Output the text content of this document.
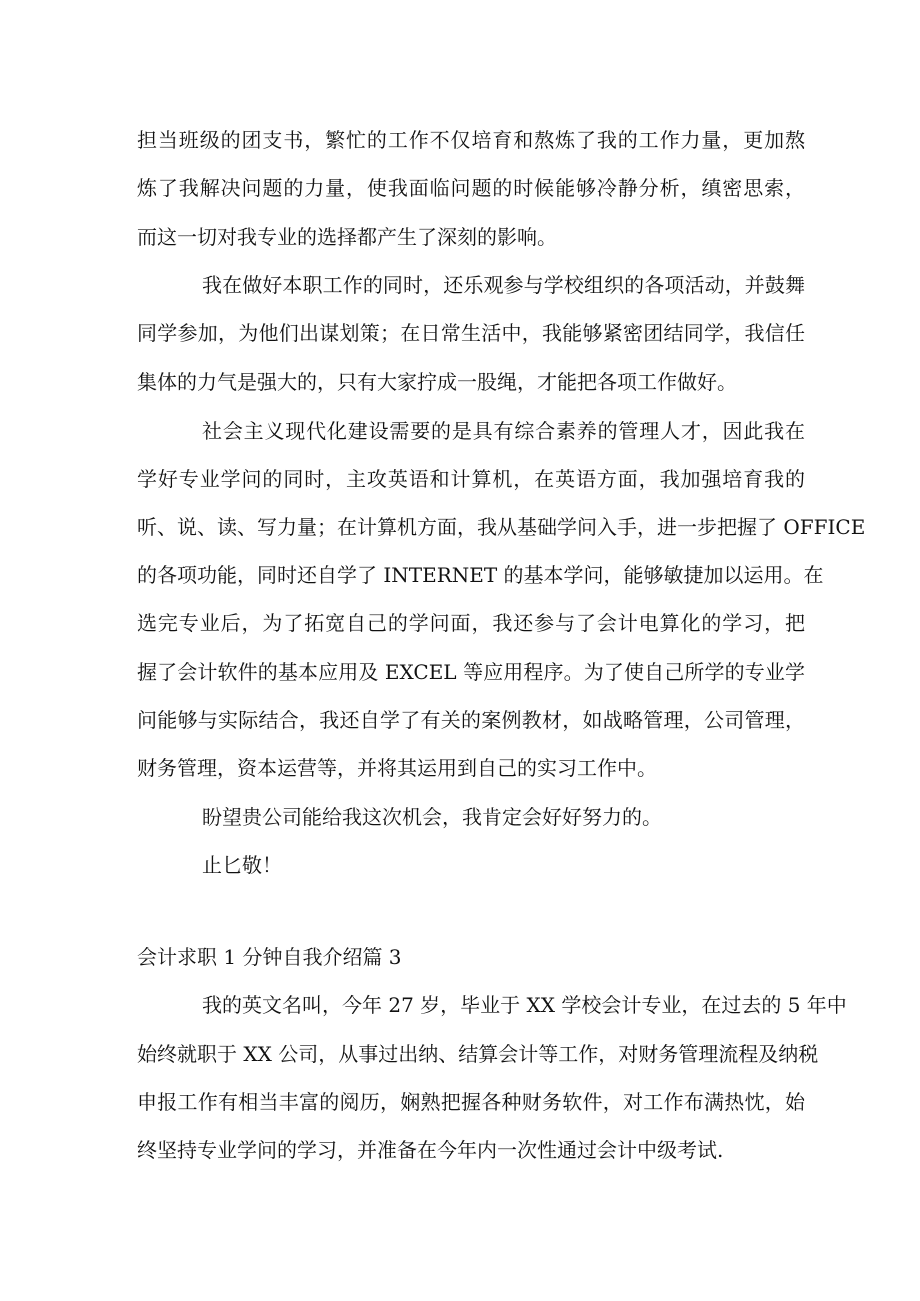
担当班级的团支书，繁忙的工作不仅培育和熬炼了我的工作力量，更加熬
炼了我解决问题的力量，使我面临问题的时候能够冷静分析，缜密思索，
而这一切对我专业的选择都产生了深刻的影响。
我在做好本职工作的同时，还乐观参与学校组织的各项活动，并鼓舞
同学参加，为他们出谋划策；在日常生活中，我能够紧密团结同学，我信任
集体的力气是强大的，只有大家拧成一股绳，才能把各项工作做好。
社会主义现代化建设需要的是具有综合素养的管理人才，因此我在
学好专业学问的同时，主攻英语和计算机，在英语方面，我加强培育我的
听、说、读、写力量；在计算机方面，我从基础学问入手，进一步把握了 OFFICE
的各项功能，同时还自学了 INTERNET 的基本学问，能够敏捷加以运用。在
选完专业后，为了拓宽自己的学问面，我还参与了会计电算化的学习，把
握了会计软件的基本应用及 EXCEL 等应用程序。为了使自己所学的专业学
问能够与实际结合，我还自学了有关的案例教材，如战略管理，公司管理，
财务管理，资本运营等，并将其运用到自己的实习工作中。
盼望贵公司能给我这次机会，我肯定会好好努力的。
止匕敬！
会计求职 1 分钟自我介绍篇 3
我的英文名叫，今年 27 岁，毕业于 XX 学校会计专业，在过去的 5 年中
始终就职于 XX 公司，从事过出纳、结算会计等工作，对财务管理流程及纳税
申报工作有相当丰富的阅历，娴熟把握各种财务软件，对工作布满热忱，始
终坚持专业学问的学习，并准备在今年内一次性通过会计中级考试.
